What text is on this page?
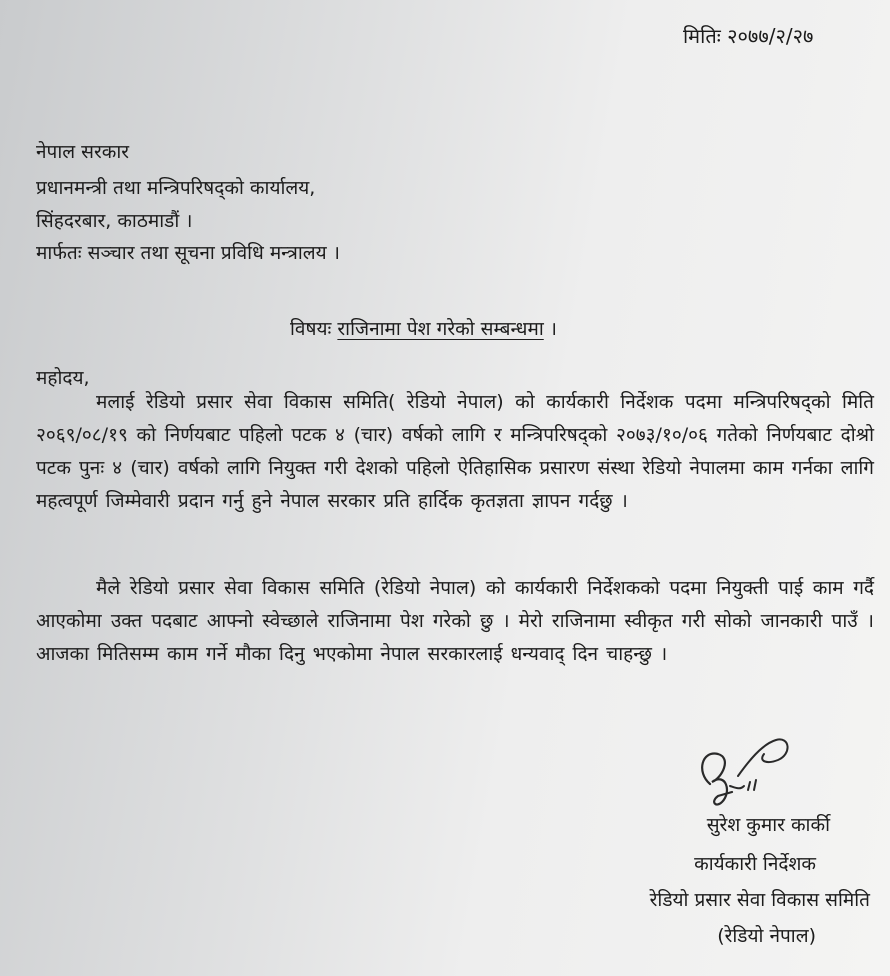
मितिः २०७७/२/२७
नेपाल सरकार
प्रधानमन्त्री तथा मन्त्रिपरिषद्‌को कार्यालय,
सिंहदरबार, काठमाडौं ।
मार्फतः सञ्चार तथा सूचना प्रविधि मन्त्रालय ।
विषयः राजिनामा पेश गरेको सम्बन्धमा ।
महोदय,
मलाई रेडियो प्रसार सेवा विकास समिति( रेडियो नेपाल) को कार्यकारी निर्देशक पदमा मन्त्रिपरिषद्‌को मिति २०६९/०८/१९ को निर्णयबाट पहिलो पटक ४ (चार) वर्षको लागि र मन्त्रिपरिषद्‌को २०७३/१०/०६ गतेको निर्णयबाट दोश्रो पटक पुनः ४ (चार) वर्षको लागि नियुक्त गरी देशको पहिलो ऐतिहासिक प्रसारण संस्था रेडियो नेपालमा काम गर्नका लागि महत्वपूर्ण जिम्मेवारी प्रदान गर्नु हुने नेपाल सरकार प्रति हार्दिक कृतज्ञता ज्ञापन गर्दछु ।
मैले रेडियो प्रसार सेवा विकास समिति (रेडियो नेपाल) को कार्यकारी निर्देशकको पदमा नियुक्ती पाई काम गर्दै आएकोमा उक्त पदबाट आफ्नो स्वेच्छाले राजिनामा पेश गरेको छु । मेरो राजिनामा स्वीकृत गरी सोको जानकारी पाउँ । आजका मितिसम्म काम गर्ने मौका दिनु भएकोमा नेपाल सरकारलाई धन्यवाद् दिन चाहन्छु ।
सुरेश कुमार कार्की
कार्यकारी निर्देशक
रेडियो प्रसार सेवा विकास समिति
(रेडियो नेपाल)
